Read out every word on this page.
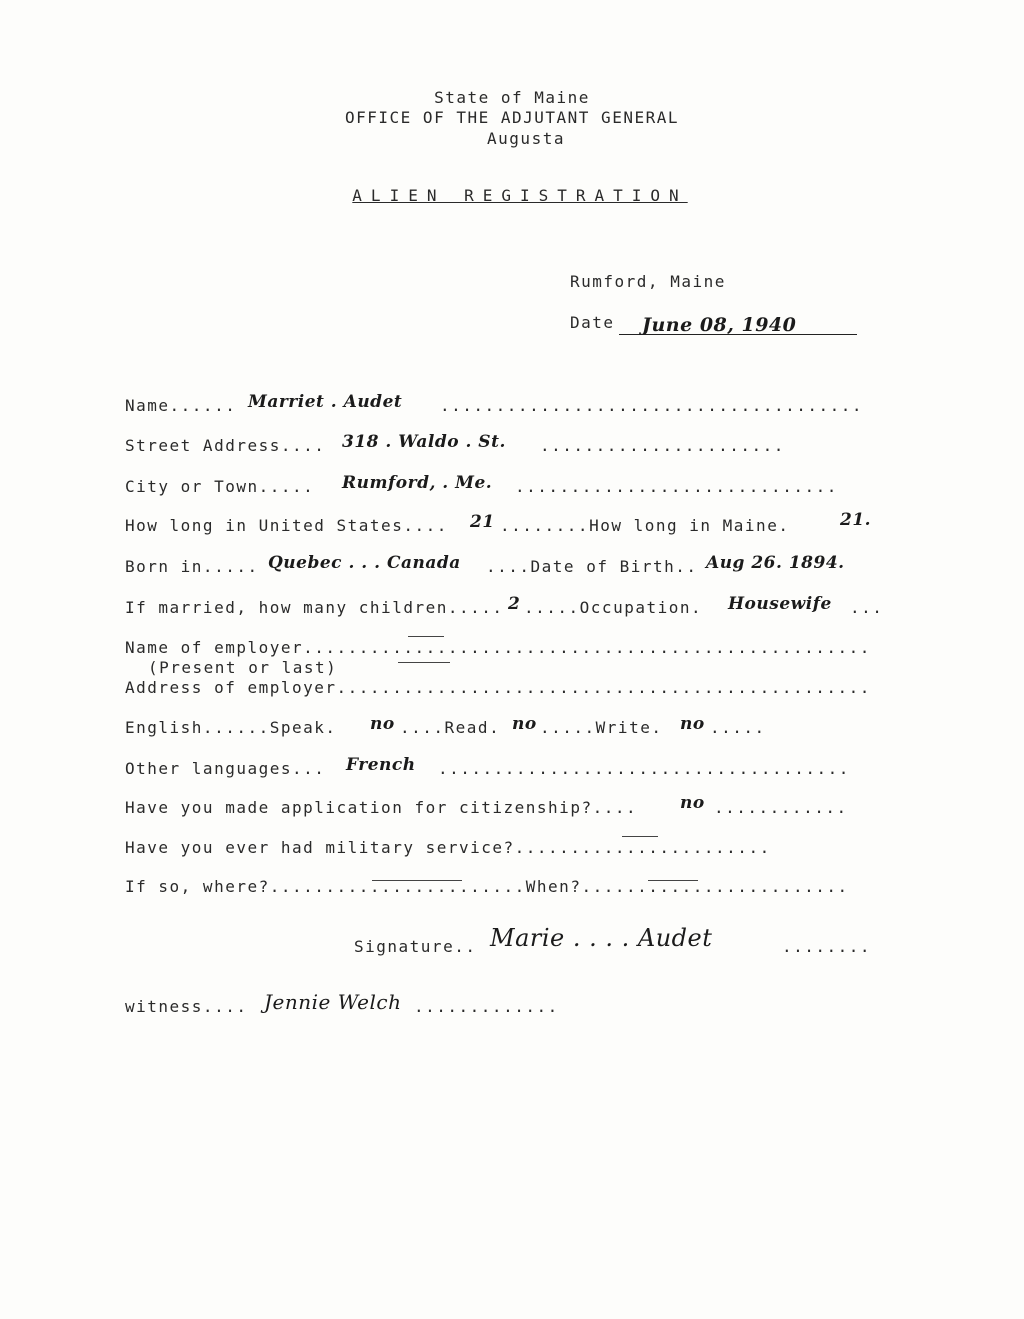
State of Maine
OFFICE OF THE ADJUTANT GENERAL
Augusta
ALIEN REGISTRATION
Rumford, Maine
Date June 08, 1940
Name...... Marriet . Audet ......................................
Street Address.... 318 . Waldo . St. ......................
City or Town..... Rumford, . Me. .............................
How long in United States.... 21 ........How long in Maine.	21.
Born in..... Quebec . . . Canada ....Date of Birth.. Aug 26. 1894.
If married, how many children..... 2 .....Occupation. Housewife ...
Name of employer...................................................
(Present or last)
Address of employer................................................
English......Speak. no ....Read. no .....Write. no .....
Other languages... French .....................................
Have you made application for citizenship?....	no ............
Have you ever had military service?.......................
If so, where?.......................When?........................
Signature.. Marie . . . . Audet	........
witness.... Jennie Welch .............
